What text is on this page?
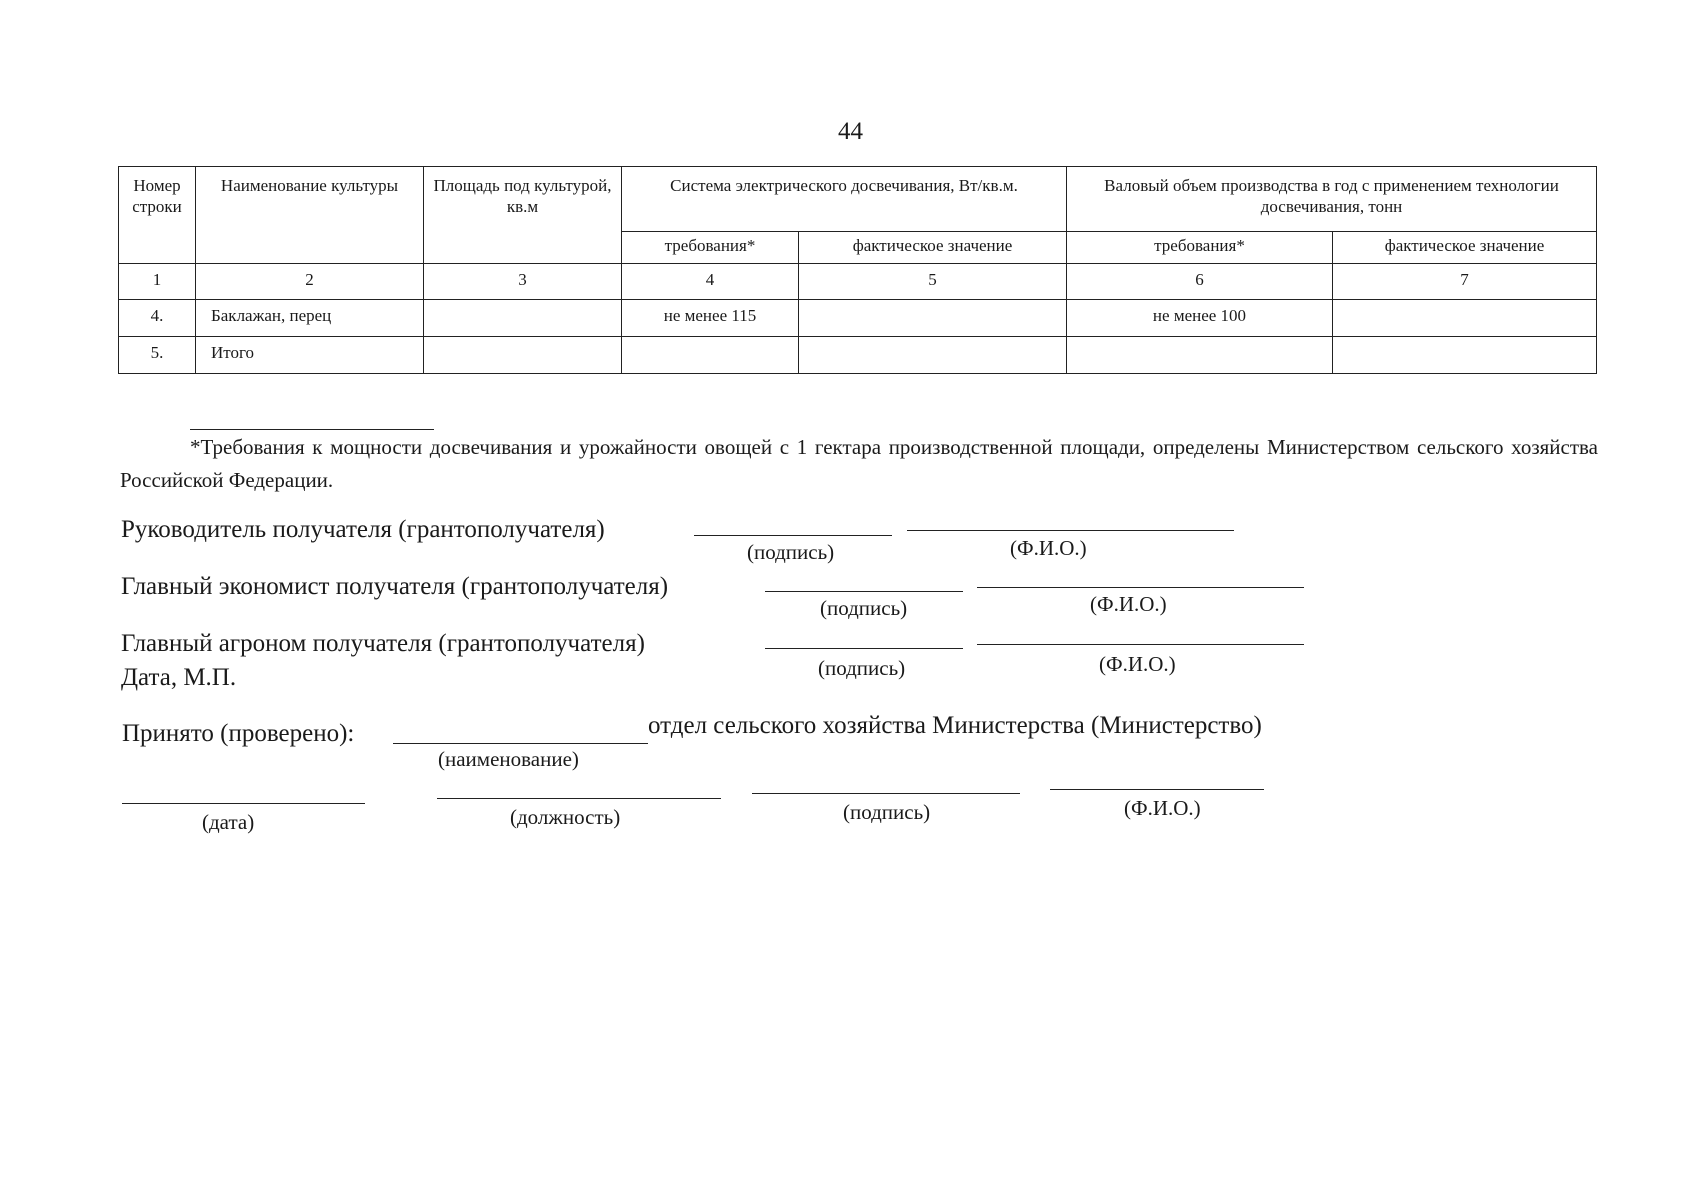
44
Номер строки	Наименование культуры	Площадь под культурой, кв.м	Система электрического досвечивания, Вт/кв.м.		Валовый объем производства в год с применением технологии досвечивания, тонн	
			требования*	фактическое значение	требования*	фактическое значение
1	2	3	4	5	6	7
4.	Баклажан, перец		не менее 115		не менее 100	
5.	Итого					
*Требования к мощности досвечивания и урожайности овощей с 1 гектара производственной площади, определены Министерством сельского хозяйства Российской Федерации.
Руководитель получателя (грантополучателя)
(подпись)	(Ф.И.О.)
Главный экономист получателя (грантополучателя)
(подпись)	(Ф.И.О.)
Главный агроном получателя (грантополучателя)
Дата, М.П.	(подпись)	(Ф.И.О.)
Принято (проверено):	отдел сельского хозяйства Министерства (Министерство)
(наименование)
(дата)	(должность)	(подпись)	(Ф.И.О.)
